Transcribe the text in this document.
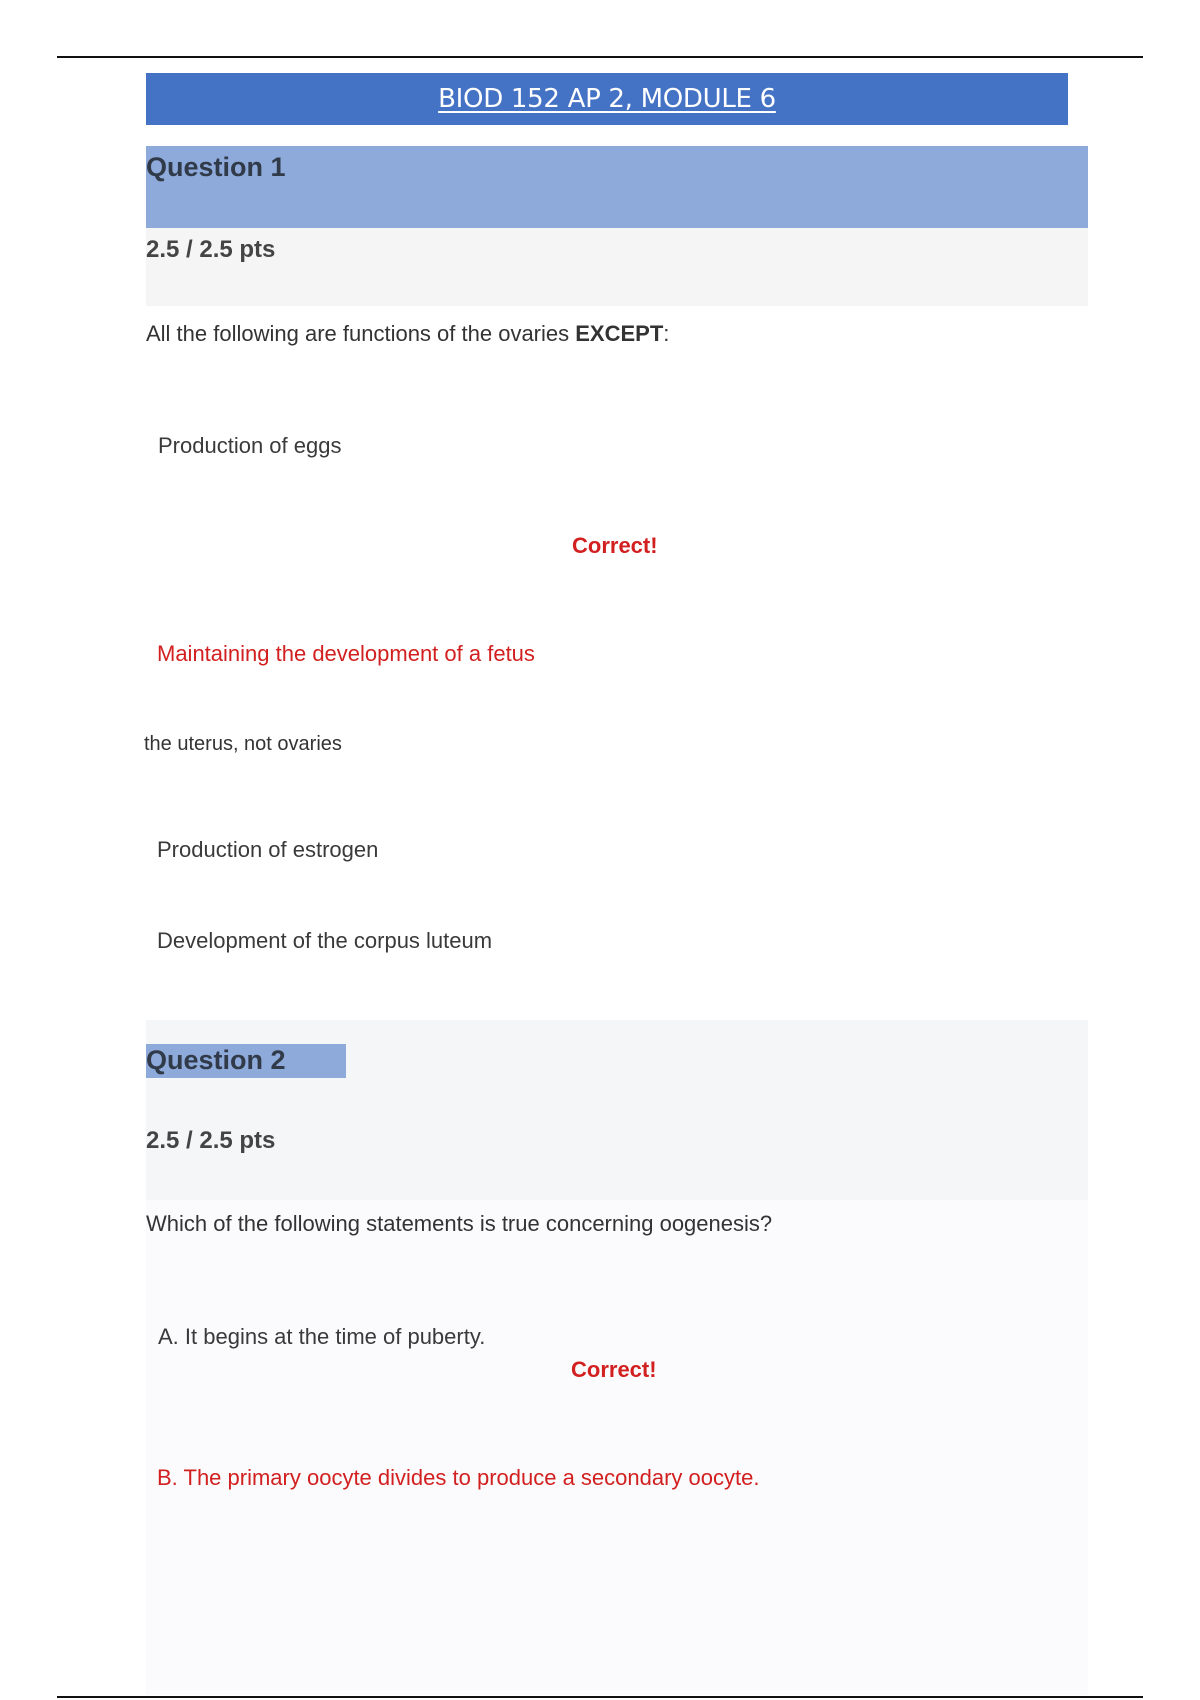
BIOD 152 AP 2, MODULE 6
Question 1
2.5 / 2.5 pts
All the following are functions of the ovaries EXCEPT:
Production of eggs
Correct!
Maintaining the development of a fetus
the uterus, not ovaries
Production of estrogen
Development of the corpus luteum
Question 2
2.5 / 2.5 pts
Which of the following statements is true concerning oogenesis?
A. It begins at the time of puberty.
Correct!
B. The primary oocyte divides to produce a secondary oocyte.
